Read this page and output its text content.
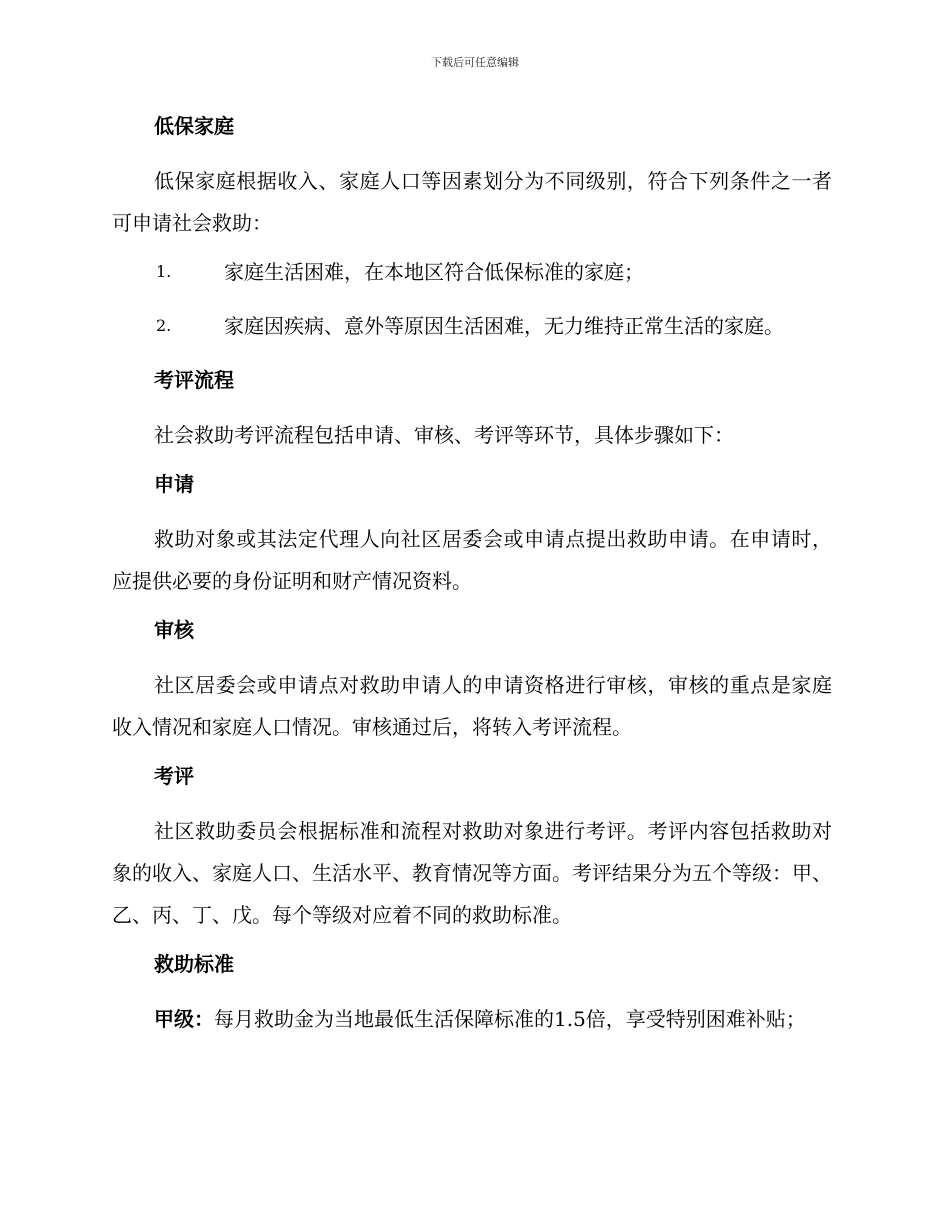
下载后可任意编辑
低保家庭
低保家庭根据收入、家庭人口等因素划分为不同级别，符合下列条件之一者可申请社会救助：
1.	家庭生活困难，在本地区符合低保标准的家庭；
2.	家庭因疾病、意外等原因生活困难，无力维持正常生活的家庭。
考评流程
社会救助考评流程包括申请、审核、考评等环节，具体步骤如下：
申请
救助对象或其法定代理人向社区居委会或申请点提出救助申请。在申请时，应提供必要的身份证明和财产情况资料。
审核
社区居委会或申请点对救助申请人的申请资格进行审核，审核的重点是家庭收入情况和家庭人口情况。审核通过后，将转入考评流程。
考评
社区救助委员会根据标准和流程对救助对象进行考评。考评内容包括救助对象的收入、家庭人口、生活水平、教育情况等方面。考评结果分为五个等级：甲、乙、丙、丁、戊。每个等级对应着不同的救助标准。
救助标准
甲级：每月救助金为当地最低生活保障标准的1.5倍，享受特别困难补贴；
